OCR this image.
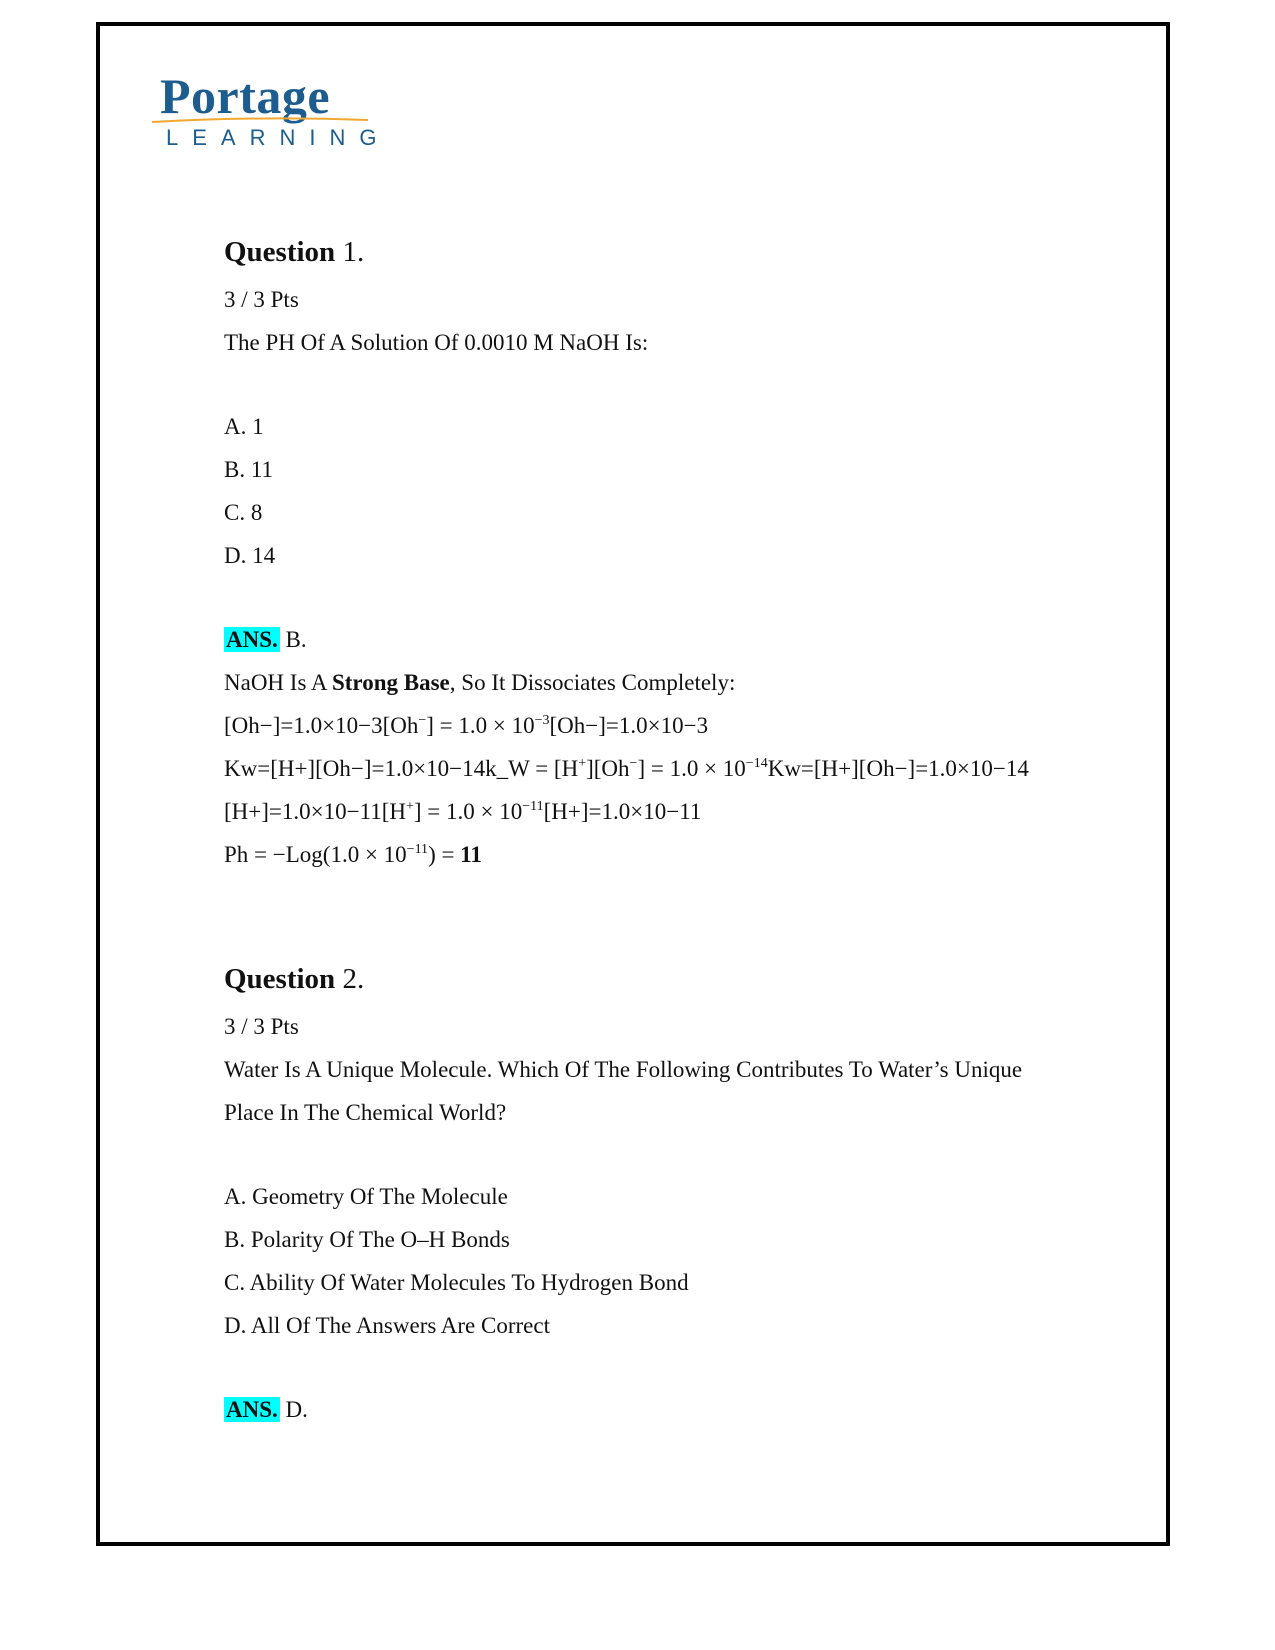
Portage
LEARNING
Question 1.
3 / 3 Pts
The PH Of A Solution Of 0.0010 M NaOH Is:
A. 1
B. 11
C. 8
D. 14
ANS. B.
NaOH Is A Strong Base, So It Dissociates Completely:
$[Oh-]=1.0\times 10-3[Oh^-] = 1.0 \times 10^{-3}[Oh-]=1.0\times 10-3$
Kw=[H+][Oh−]=1.0×10−14k_W = $[H^+][Oh^-] = 1.0 \times 10^{-14}Kw=[H+][Oh-]=1.0\times 10-14$
$[H+]=1.0\times 10-11[H^+] = 1.0 \times 10^{-11}[H+]=1.0\times 10-11$
$Ph = -Log(1.0 \times 10^{-11}) = 11$
Question 2.
3 / 3 Pts
Water Is A Unique Molecule. Which Of The Following Contributes To Water’s Unique
Place In The Chemical World?
A. Geometry Of The Molecule
B. Polarity Of The O–H Bonds
C. Ability Of Water Molecules To Hydrogen Bond
D. All Of The Answers Are Correct
ANS. D.
